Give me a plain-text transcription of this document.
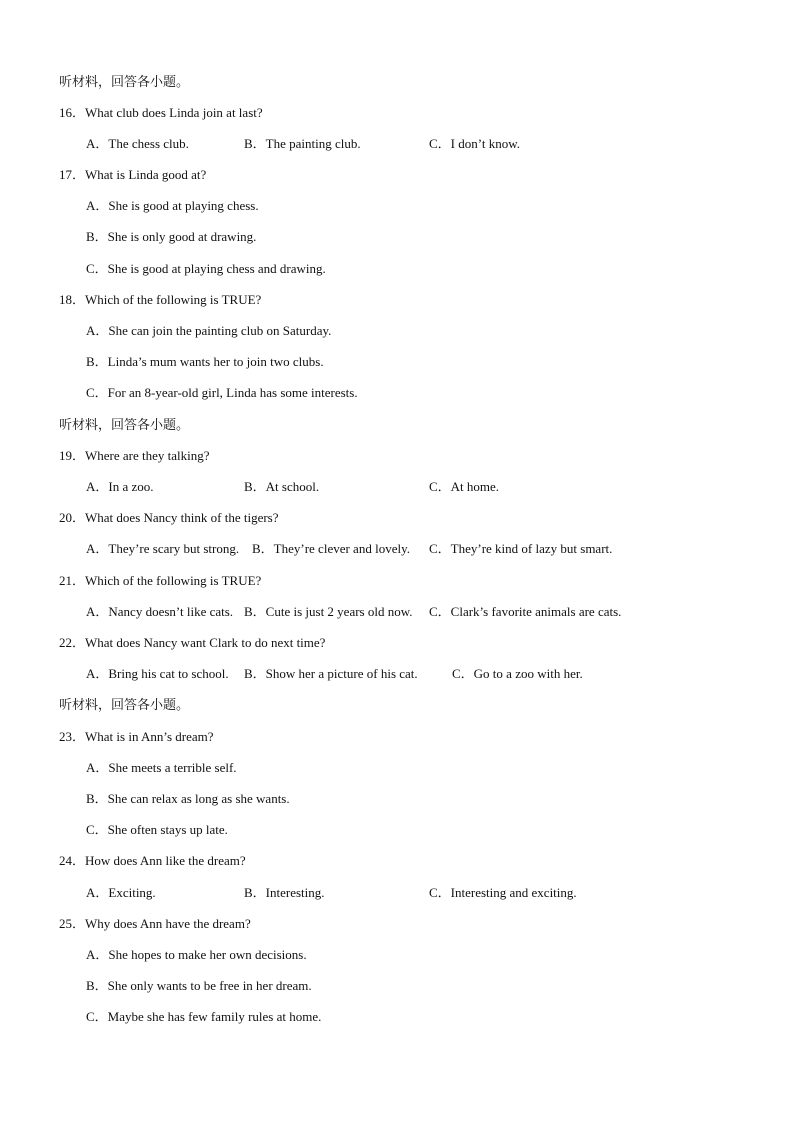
听材料，回答各小题。
16．What club does Linda join at last?
A．The chess club.	B．The painting club.	C．I don’t know.
17．What is Linda good at?
A．She is good at playing chess.
B．She is only good at drawing.
C．She is good at playing chess and drawing.
18．Which of the following is TRUE?
A．She can join the painting club on Saturday.
B．Linda’s mum wants her to join two clubs.
C．For an 8-year-old girl, Linda has some interests.
听材料，回答各小题。
19．Where are they talking?
A．In a zoo.	B．At school.	C．At home.
20．What does Nancy think of the tigers?
A．They’re scary but strong. B．They’re clever and lovely. C．They’re kind of lazy but smart.
21．Which of the following is TRUE?
A．Nancy doesn’t like cats. B．Cute is just 2 years old now. C．Clark’s favorite animals are cats.
22．What does Nancy want Clark to do next time?
A．Bring his cat to school. B．Show her a picture of his cat.	C．Go to a zoo with her.
听材料，回答各小题。
23．What is in Ann’s dream?
A．She meets a terrible self.
B．She can relax as long as she wants.
C．She often stays up late.
24．How does Ann like the dream?
A．Exciting.	B．Interesting.	C．Interesting and exciting.
25．Why does Ann have the dream?
A．She hopes to make her own decisions.
B．She only wants to be free in her dream.
C．Maybe she has few family rules at home.
